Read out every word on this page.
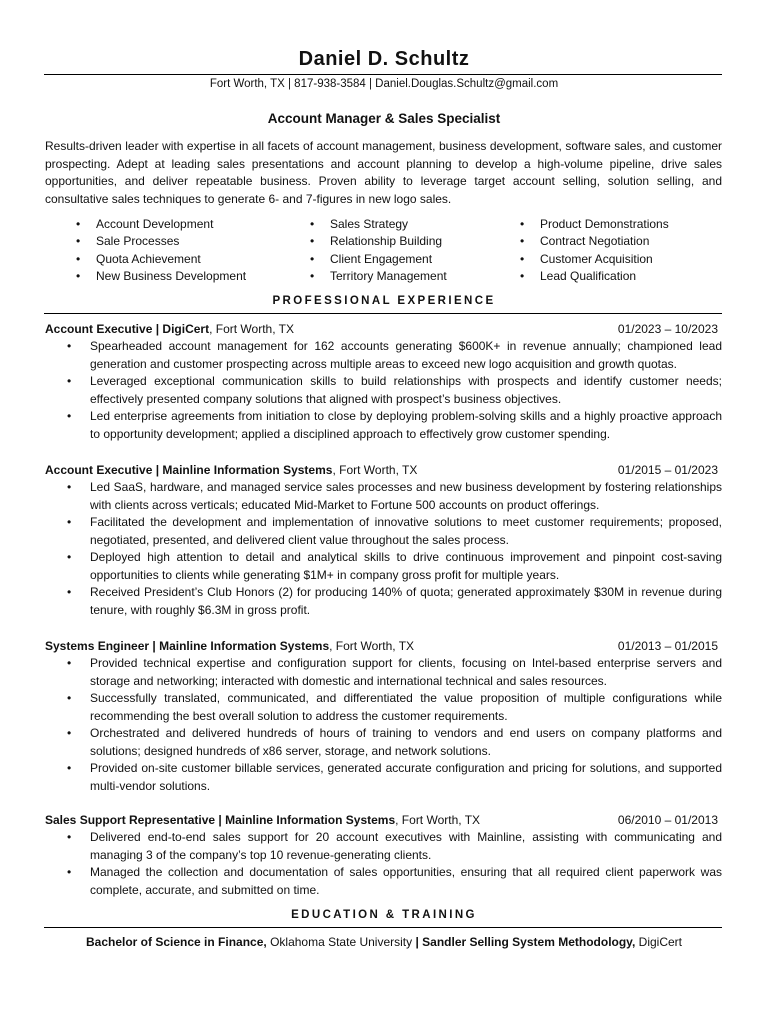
Daniel D. Schultz
Fort Worth, TX | 817-938-3584 | Daniel.Douglas.Schultz@gmail.com
Account Manager & Sales Specialist

Results-driven leader with expertise in all facets of account management, business development, software sales, and customer prospecting. Adept at leading sales presentations and account planning to develop a high-volume pipeline, drive sales opportunities, and deliver repeatable business. Proven ability to leverage target account selling, solution selling, and consultative sales techniques to generate 6- and 7-figures in new logo sales.

• Account Development
• Sale Processes
• Quota Achievement
• New Business Development
• Sales Strategy
• Relationship Building
• Client Engagement
• Territory Management
• Product Demonstrations
• Contract Negotiation
• Customer Acquisition
• Lead Qualification
PROFESSIONAL EXPERIENCE
Account Executive | DigiCert, Fort Worth, TX	01/2023 – 10/2023
• Spearheaded account management for 162 accounts generating $600K+ in revenue annually; championed lead generation and customer prospecting across multiple areas to exceed new logo acquisition and growth quotas.
• Leveraged exceptional communication skills to build relationships with prospects and identify customer needs; effectively presented company solutions that aligned with prospect’s business objectives.
• Led enterprise agreements from initiation to close by deploying problem-solving skills and a highly proactive approach to opportunity development; applied a disciplined approach to effectively grow customer spending.
Account Executive | Mainline Information Systems, Fort Worth, TX	01/2015 – 01/2023
• Led SaaS, hardware, and managed service sales processes and new business development by fostering relationships with clients across verticals; educated Mid-Market to Fortune 500 accounts on product offerings.
• Facilitated the development and implementation of innovative solutions to meet customer requirements; proposed, negotiated, presented, and delivered client value throughout the sales process.
• Deployed high attention to detail and analytical skills to drive continuous improvement and pinpoint cost-saving opportunities to clients while generating $1M+ in company gross profit for multiple years.
• Received President’s Club Honors (2) for producing 140% of quota; generated approximately $30M in revenue during tenure, with roughly $6.3M in gross profit.
Systems Engineer | Mainline Information Systems, Fort Worth, TX	01/2013 – 01/2015
• Provided technical expertise and configuration support for clients, focusing on Intel-based enterprise servers and storage and networking; interacted with domestic and international technical and sales resources.
• Successfully translated, communicated, and differentiated the value proposition of multiple configurations while recommending the best overall solution to address the customer requirements.
• Orchestrated and delivered hundreds of hours of training to vendors and end users on company platforms and solutions; designed hundreds of x86 server, storage, and network solutions.
• Provided on-site customer billable services, generated accurate configuration and pricing for solutions, and supported multi-vendor solutions.
Sales Support Representative | Mainline Information Systems, Fort Worth, TX	06/2010 – 01/2013
• Delivered end-to-end sales support for 20 account executives with Mainline, assisting with communicating and managing 3 of the company’s top 10 revenue-generating clients.
• Managed the collection and documentation of sales opportunities, ensuring that all required client paperwork was complete, accurate, and submitted on time.
EDUCATION & TRAINING
Bachelor of Science in Finance, Oklahoma State University | Sandler Selling System Methodology, DigiCert
